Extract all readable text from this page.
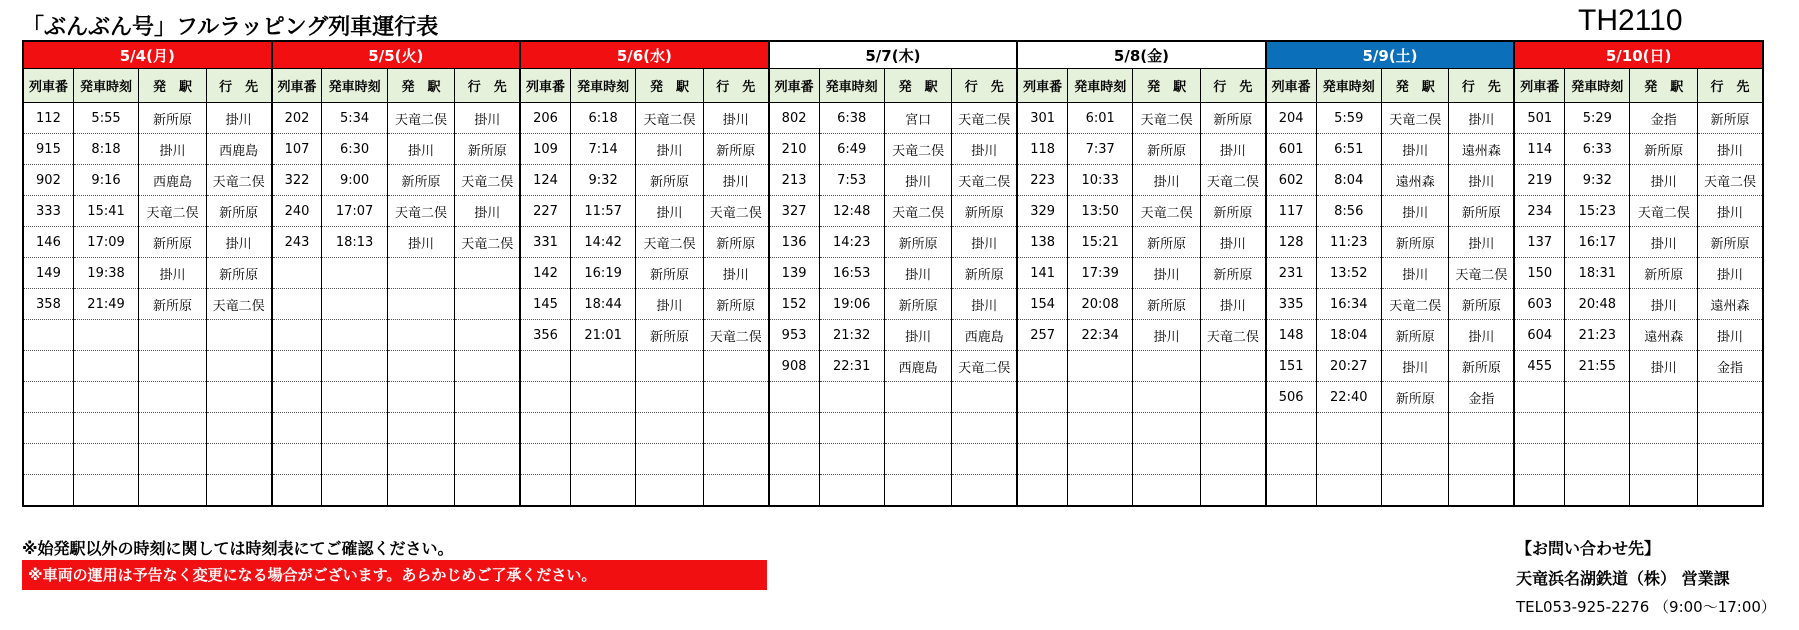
「ぶんぶん号」フルラッピング列車運行表	TH2110
5/4(月)				5/5(火)				5/6(水)				5/7(木)				5/8(金)				5/9(土)				5/10(日)			
列車番	発車時刻	発　駅	行　先	列車番	発車時刻	発　駅	行　先	列車番	発車時刻	発　駅	行　先	列車番	発車時刻	発　駅	行　先	列車番	発車時刻	発　駅	行　先	列車番	発車時刻	発　駅	行　先	列車番	発車時刻	発　駅	行　先
112	5:55	新所原	掛川	202	5:34	天竜二俣	掛川	206	6:18	天竜二俣	掛川	802	6:38	宮口	天竜二俣	301	6:01	天竜二俣	新所原	204	5:59	天竜二俣	掛川	501	5:29	金指	新所原
915	8:18	掛川	西鹿島	107	6:30	掛川	新所原	109	7:14	掛川	新所原	210	6:49	天竜二俣	掛川	118	7:37	新所原	掛川	601	6:51	掛川	遠州森	114	6:33	新所原	掛川
902	9:16	西鹿島	天竜二俣	322	9:00	新所原	天竜二俣	124	9:32	新所原	掛川	213	7:53	掛川	天竜二俣	223	10:33	掛川	天竜二俣	602	8:04	遠州森	掛川	219	9:32	掛川	天竜二俣
333	15:41	天竜二俣	新所原	240	17:07	天竜二俣	掛川	227	11:57	掛川	天竜二俣	327	12:48	天竜二俣	新所原	329	13:50	天竜二俣	新所原	117	8:56	掛川	新所原	234	15:23	天竜二俣	掛川
146	17:09	新所原	掛川	243	18:13	掛川	天竜二俣	331	14:42	天竜二俣	新所原	136	14:23	新所原	掛川	138	15:21	新所原	掛川	128	11:23	新所原	掛川	137	16:17	掛川	新所原
149	19:38	掛川	新所原					142	16:19	新所原	掛川	139	16:53	掛川	新所原	141	17:39	掛川	新所原	231	13:52	掛川	天竜二俣	150	18:31	新所原	掛川
358	21:49	新所原	天竜二俣					145	18:44	掛川	新所原	152	19:06	新所原	掛川	154	20:08	新所原	掛川	335	16:34	天竜二俣	新所原	603	20:48	掛川	遠州森
								356	21:01	新所原	天竜二俣	953	21:32	掛川	西鹿島	257	22:34	掛川	天竜二俣	148	18:04	新所原	掛川	604	21:23	遠州森	掛川
												908	22:31	西鹿島	天竜二俣					151	20:27	掛川	新所原	455	21:55	掛川	金指
																				506	22:40	新所原	金指				

※始発駅以外の時刻に関しては時刻表にてご確認ください。
※車両の運用は予告なく変更になる場合がございます。あらかじめご了承ください。
【お問い合わせ先】
天竜浜名湖鉄道（株） 営業課
TEL053-925-2276 （9:00～17:00）
